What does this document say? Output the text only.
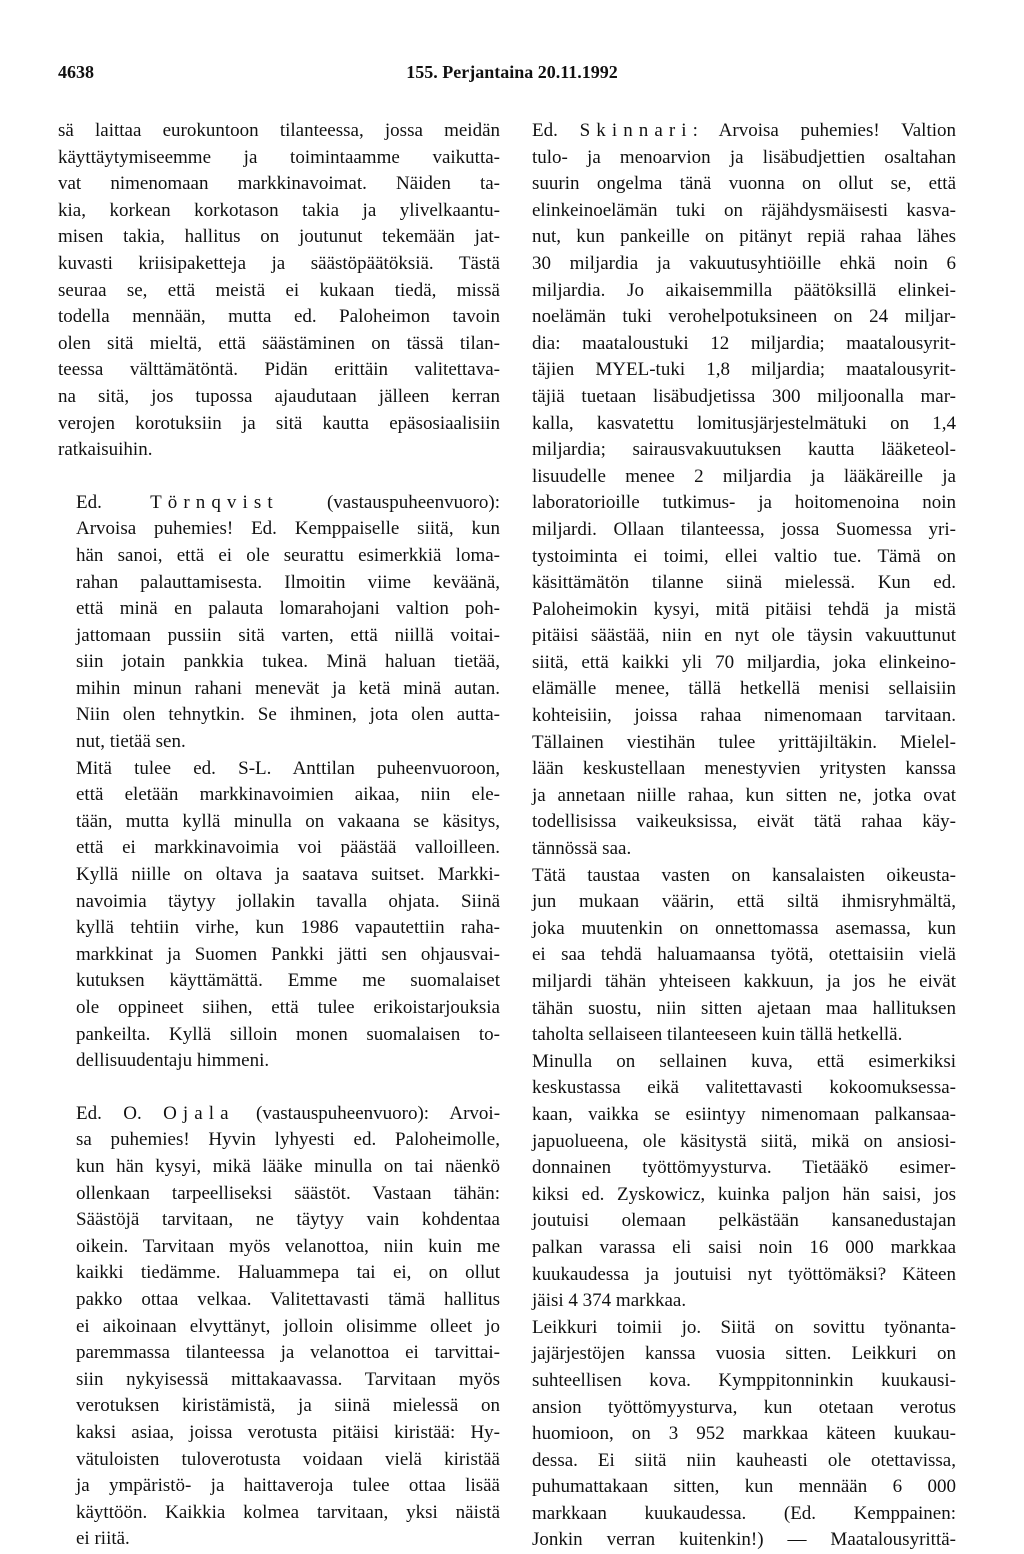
4638	155. Perjantaina 20.11.1992

sä laittaa eurokuntoon tilanteessa, jossa meidän
käyttäytymiseemme ja toimintaamme vaikutta-
vat nimenomaan markkinavoimat. Näiden ta-
kia, korkean korkotason takia ja ylivelkaantu-
misen takia, hallitus on joutunut tekemään jat-
kuvasti kriisipaketteja ja säästöpäätöksiä. Tästä
seuraa se, että meistä ei kukaan tiedä, missä
todella mennään, mutta ed. Paloheimon tavoin
olen sitä mieltä, että säästäminen on tässä tilan-
teessa välttämätöntä. Pidän erittäin valitettava-
na sitä, jos tupossa ajaudutaan jälleen kerran
verojen korotuksiin ja sitä kautta epäsosiaalisiin
ratkaisuihin.

Ed.	Törnqvist	(vastauspuheenvuoro):
Arvoisa puhemies! Ed. Kemppaiselle siitä, kun
hän sanoi, että ei ole seurattu esimerkkiä loma-
rahan palauttamisesta. Ilmoitin viime keväänä,
että minä en palauta lomarahojani valtion poh-
jattomaan pussiin sitä varten, että niillä voitai-
siin jotain pankkia tukea. Minä haluan tietää,
mihin minun rahani menevät ja ketä minä autan.
Niin olen tehnytkin. Se ihminen, jota olen autta-
nut, tietää sen.

Mitä tulee ed. S-L. Anttilan puheenvuoroon,
että eletään markkinavoimien aikaa, niin ele-
tään, mutta kyllä minulla on vakaana se käsitys,
että ei markkinavoimia voi päästää valloilleen.
Kyllä niille on oltava ja saatava suitset. Markki-
navoimia täytyy jollakin tavalla ohjata. Siinä
kyllä tehtiin virhe, kun 1986 vapautettiin raha-
markkinat ja Suomen Pankki jätti sen ohjausvai-
kutuksen käyttämättä. Emme me suomalaiset
ole oppineet siihen, että tulee erikoistarjouksia
pankeilta. Kyllä silloin monen suomalaisen to-
dellisuudentaju himmeni.

Ed. O. Ojala (vastauspuheenvuoro): Arvoi-
sa puhemies! Hyvin lyhyesti ed. Paloheimolle,
kun hän kysyi, mikä lääke minulla on tai näenkö
ollenkaan tarpeelliseksi säästöt. Vastaan tähän:
Säästöjä tarvitaan, ne täytyy vain kohdentaa
oikein. Tarvitaan myös velanottoa, niin kuin me
kaikki tiedämme. Haluammepa tai ei, on ollut
pakko ottaa velkaa. Valitettavasti tämä hallitus
ei aikoinaan elvyttänyt, jolloin olisimme olleet jo
paremmassa tilanteessa ja velanottoa ei tarvittai-
siin nykyisessä mittakaavassa. Tarvitaan myös
verotuksen kiristämistä, ja siinä mielessä on
kaksi asiaa, joissa verotusta pitäisi kiristää: Hy-
vätuloisten tuloverotusta voidaan vielä kiristää
ja ympäristö- ja haittaveroja tulee ottaa lisää
käyttöön. Kaikkia kolmea tarvitaan, yksi näistä
ei riitä.

Ed. Skinnari: Arvoisa puhemies! Valtion
tulo- ja menoarvion ja lisäbudjettien osaltahan
suurin ongelma tänä vuonna on ollut se, että
elinkeinoelämän tuki on räjähdysmäisesti kasva-
nut, kun pankeille on pitänyt repiä rahaa lähes
30 miljardia ja vakuutusyhtiöille ehkä noin 6
miljardia. Jo aikaisemmilla päätöksillä elinkei-
noelämän tuki verohelpotuksineen on 24 miljar-
dia: maataloustuki 12 miljardia; maatalousyrit-
täjien MYEL-tuki 1,8 miljardia; maatalousyrit-
täjiä tuetaan lisäbudjetissa 300 miljoonalla mar-
kalla, kasvatettu lomitusjärjestelmätuki on 1,4
miljardia; sairausvakuutuksen kautta lääketeol-
lisuudelle menee 2 miljardia ja lääkäreille ja
laboratorioille tutkimus- ja hoitomenoina noin
miljardi. Ollaan tilanteessa, jossa Suomessa yri-
tystoiminta ei toimi, ellei valtio tue. Tämä on
käsittämätön tilanne siinä mielessä. Kun ed.
Paloheimokin kysyi, mitä pitäisi tehdä ja mistä
pitäisi säästää, niin en nyt ole täysin vakuuttunut
siitä, että kaikki yli 70 miljardia, joka elinkeino-
elämälle menee, tällä hetkellä menisi sellaisiin
kohteisiin, joissa rahaa nimenomaan tarvitaan.
Tällainen viestihän tulee yrittäjiltäkin. Mielel-
lään keskustellaan menestyvien yritysten kanssa
ja annetaan niille rahaa, kun sitten ne, jotka ovat
todellisissa vaikeuksissa, eivät tätä rahaa käy-
tännössä saa.

Tätä taustaa vasten on kansalaisten oikeusta-
jun mukaan väärin, että siltä ihmisryhmältä,
joka muutenkin on onnettomassa asemassa, kun
ei saa tehdä haluamaansa työtä, otettaisiin vielä
miljardi tähän yhteiseen kakkuun, ja jos he eivät
tähän suostu, niin sitten ajetaan maa hallituksen
taholta sellaiseen tilanteeseen kuin tällä hetkellä.

Minulla on sellainen kuva, että esimerkiksi
keskustassa eikä valitettavasti kokoomuksessa-
kaan, vaikka se esiintyy nimenomaan palkansaa-
japuolueena, ole käsitystä siitä, mikä on ansiosi-
donnainen työttömyysturva. Tietääkö esimer-
kiksi ed. Zyskowicz, kuinka paljon hän saisi, jos
joutuisi olemaan pelkästään kansanedustajan
palkan varassa eli saisi noin 16 000 markkaa
kuukaudessa ja joutuisi nyt työttömäksi? Käteen
jäisi 4 374 markkaa.

Leikkuri toimii jo. Siitä on sovittu työnanta-
jajärjestöjen kanssa vuosia sitten. Leikkuri on
suhteellisen kova. Kymppitonninkin kuukausi-
ansion työttömyysturva, kun otetaan verotus
huomioon, on 3 952 markkaa käteen kuukau-
dessa. Ei siitä niin kauheasti ole otettavissa,
puhumattakaan sitten, kun mennään 6 000
markkaan kuukaudessa. (Ed. Kemppainen:
Jonkin verran kuitenkin!) — Maatalousyrittä-
